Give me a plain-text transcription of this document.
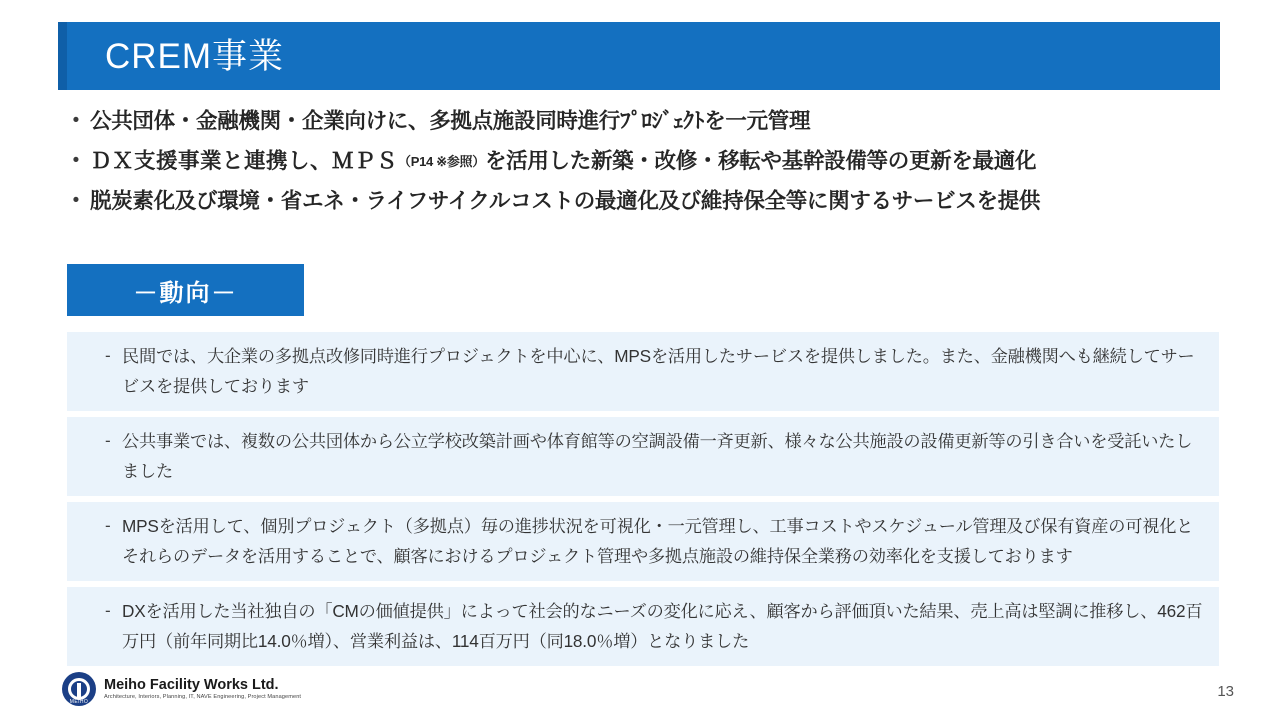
CREM事業
• 公共団体・金融機関・企業向けに、多拠点施設同時進行ﾌﾟﾛｼﾞｪｸﾄを一元管理
• ＤＸ支援事業と連携し、ＭＰＳ（P14 ※参照）を活用した新築・改修・移転や基幹設備等の更新を最適化
• 脱炭素化及び環境・省エネ・ライフサイクルコストの最適化及び維持保全等に関するサービスを提供
－動向－
- 民間では、大企業の多拠点改修同時進行プロジェクトを中心に、MPSを活用したサービスを提供しました。また、金融機関へも継続してサービスを提供しております
- 公共事業では、複数の公共団体から公立学校改築計画や体育館等の空調設備一斉更新、様々な公共施設の設備更新等の引き合いを受託いたしました
- MPSを活用して、個別プロジェクト（多拠点）毎の進捗状況を可視化・一元管理し、工事コストやスケジュール管理及び保有資産の可視化とそれらのデータを活用することで、顧客におけるプロジェクト管理や多拠点施設の維持保全業務の効率化を支援しております
- DXを活用した当社独自の「CMの価値提供」によって社会的なニーズの変化に応え、顧客から評価頂いた結果、売上高は堅調に推移し、462百万円（前年同期比14.0％増）、営業利益は、114百万円（同18.0％増）となりました
MEIHO
Meiho Facility Works Ltd.
Architecture, Interiors, Planning, IT, NAVE Engineering, Project Management	13
